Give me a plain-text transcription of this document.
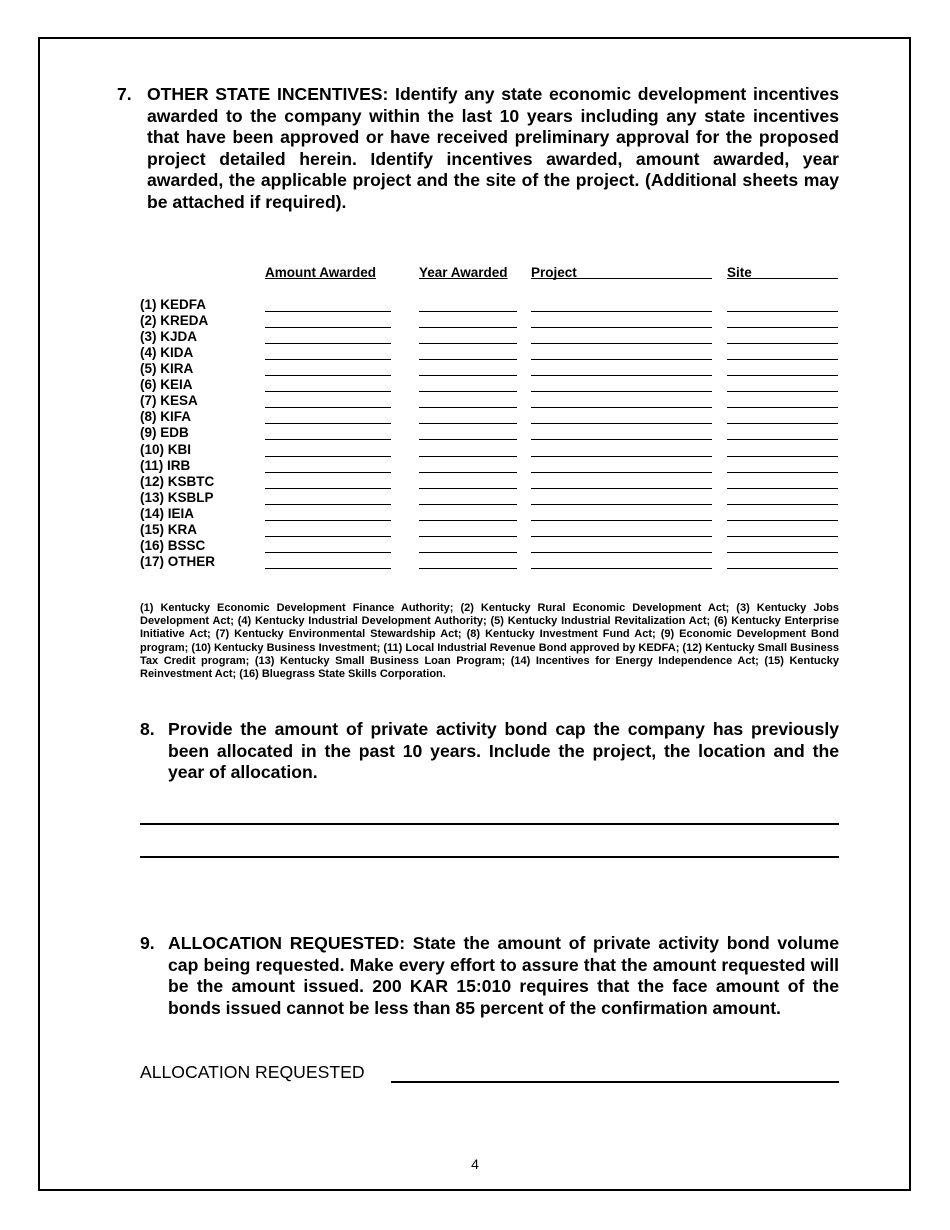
7. OTHER STATE INCENTIVES: Identify any state economic development incentives awarded to the company within the last 10 years including any state incentives that have been approved or have received preliminary approval for the proposed project detailed herein. Identify incentives awarded, amount awarded, year awarded, the applicable project and the site of the project. (Additional sheets may be attached if required).
Amount Awarded	Year Awarded Project	Site
(1) KEDFA
(2) KREDA
(3) KJDA
(4) KIDA
(5) KIRA
(6) KEIA
(7) KESA
(8) KIFA
(9) EDB
(10) KBI
(11) IRB
(12) KSBTC
(13) KSBLP
(14) IEIA
(15) KRA
(16) BSSC
(17) OTHER
(1) Kentucky Economic Development Finance Authority; (2) Kentucky Rural Economic Development Act; (3) Kentucky Jobs Development Act; (4) Kentucky Industrial Development Authority; (5) Kentucky Industrial Revitalization Act; (6) Kentucky Enterprise Initiative Act; (7) Kentucky Environmental Stewardship Act; (8) Kentucky Investment Fund Act; (9) Economic Development Bond program; (10) Kentucky Business Investment; (11) Local Industrial Revenue Bond approved by KEDFA; (12) Kentucky Small Business Tax Credit program; (13) Kentucky Small Business Loan Program; (14) Incentives for Energy Independence Act; (15) Kentucky Reinvestment Act; (16) Bluegrass State Skills Corporation.
8. Provide the amount of private activity bond cap the company has previously been allocated in the past 10 years. Include the project, the location and the year of allocation.
9. ALLOCATION REQUESTED: State the amount of private activity bond volume cap being requested. Make every effort to assure that the amount requested will be the amount issued. 200 KAR 15:010 requires that the face amount of the bonds issued cannot be less than 85 percent of the confirmation amount.
ALLOCATION REQUESTED
4
